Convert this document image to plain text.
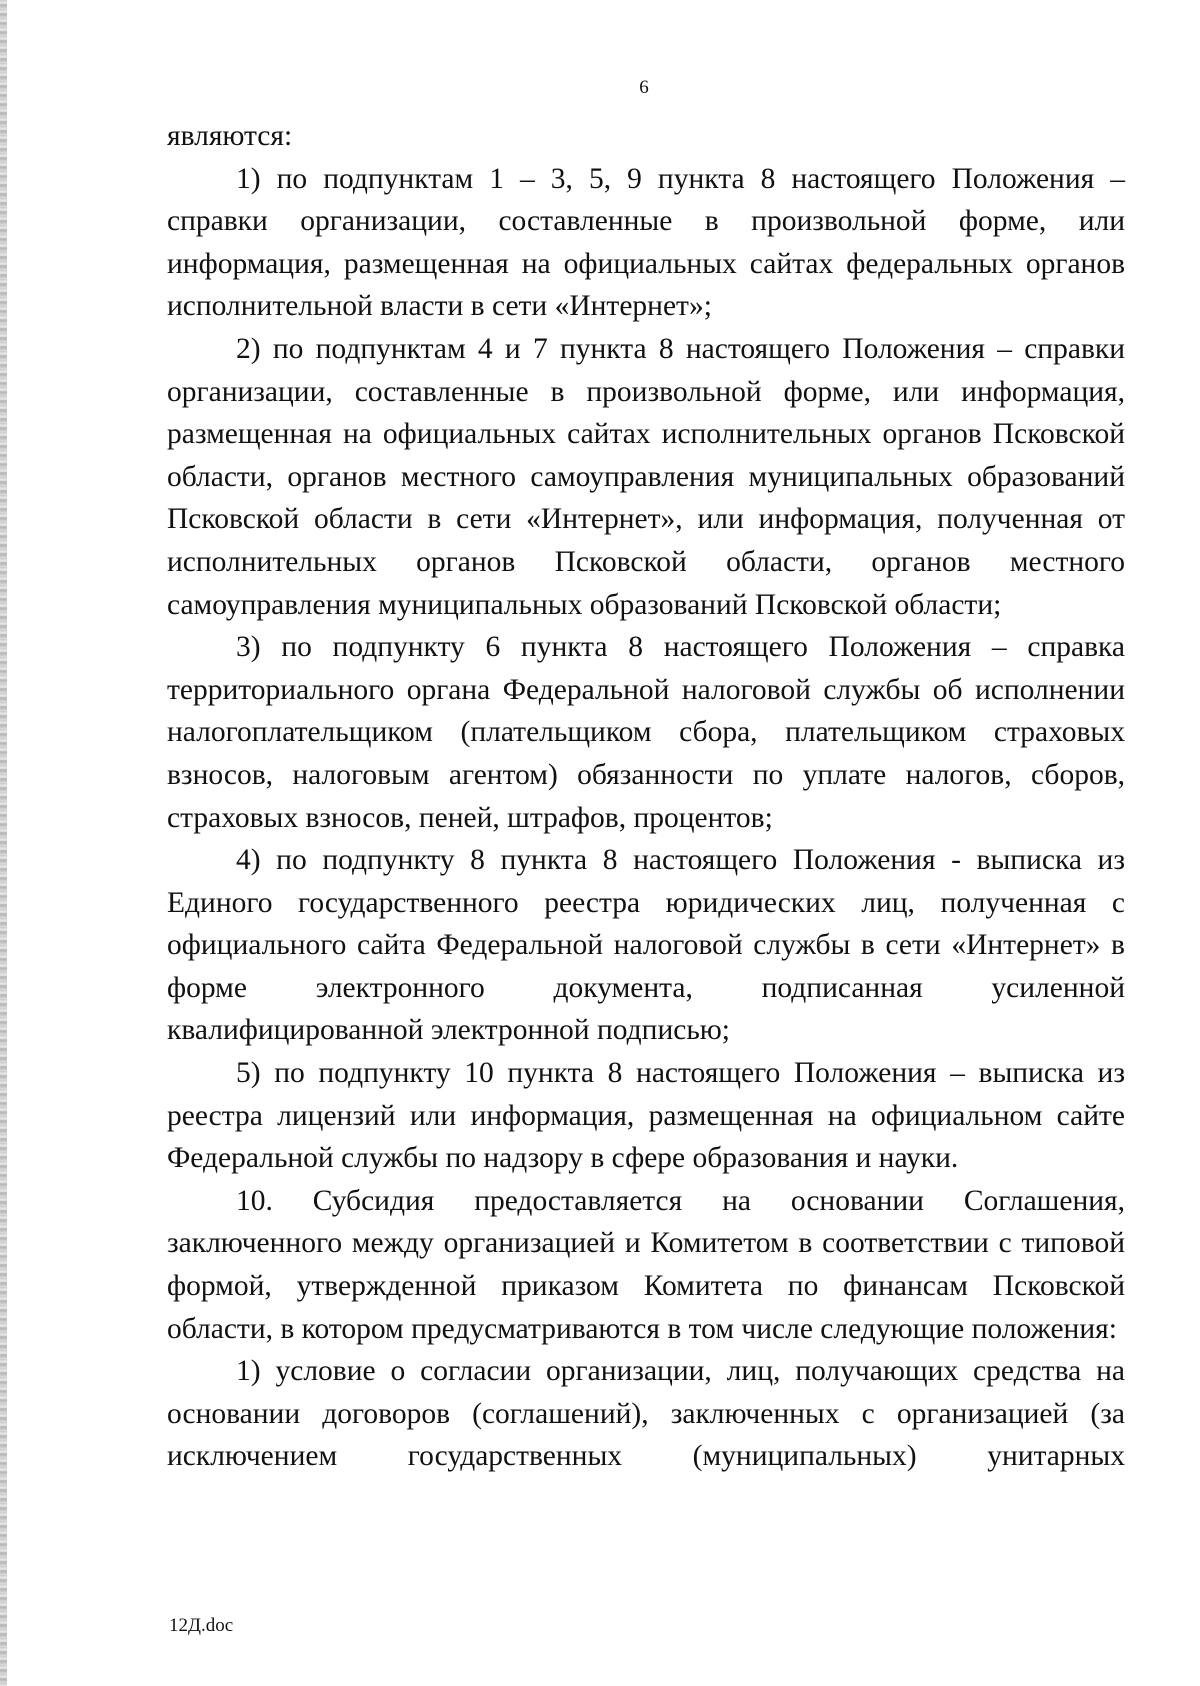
6

являются:

1) по подпунктам 1 – 3, 5, 9 пункта 8 настоящего Положения – справки организации, составленные в произвольной форме, или информация, размещенная на официальных сайтах федеральных органов исполнительной власти в сети «Интернет»;

2) по подпунктам 4 и 7 пункта 8 настоящего Положения – справки организации, составленные в произвольной форме, или информация, размещенная на официальных сайтах исполнительных органов Псковской области, органов местного самоуправления муниципальных образований Псковской области в сети «Интернет», или информация, полученная от исполнительных органов Псковской области, органов местного самоуправления муниципальных образований Псковской области;

3) по подпункту 6 пункта 8 настоящего Положения – справка территориального органа Федеральной налоговой службы об исполнении налогоплательщиком (плательщиком сбора, плательщиком страховых взносов, налоговым агентом) обязанности по уплате налогов, сборов, страховых взносов, пеней, штрафов, процентов;

4) по подпункту 8 пункта 8 настоящего Положения - выписка из Единого государственного реестра юридических лиц, полученная с официального сайта Федеральной налоговой службы в сети «Интернет» в форме электронного документа, подписанная усиленной квалифицированной электронной подписью;

5) по подпункту 10 пункта 8 настоящего Положения – выписка из реестра лицензий или информация, размещенная на официальном сайте Федеральной службы по надзору в сфере образования и науки.

10. Субсидия предоставляется на основании Соглашения, заключенного между организацией и Комитетом в соответствии с типовой формой, утвержденной приказом Комитета по финансам Псковской области, в котором предусматриваются в том числе следующие положения:

1) условие о согласии организации, лиц, получающих средства на основании договоров (соглашений), заключенных с организацией (за исключением государственных (муниципальных) унитарных

12Д.doc
